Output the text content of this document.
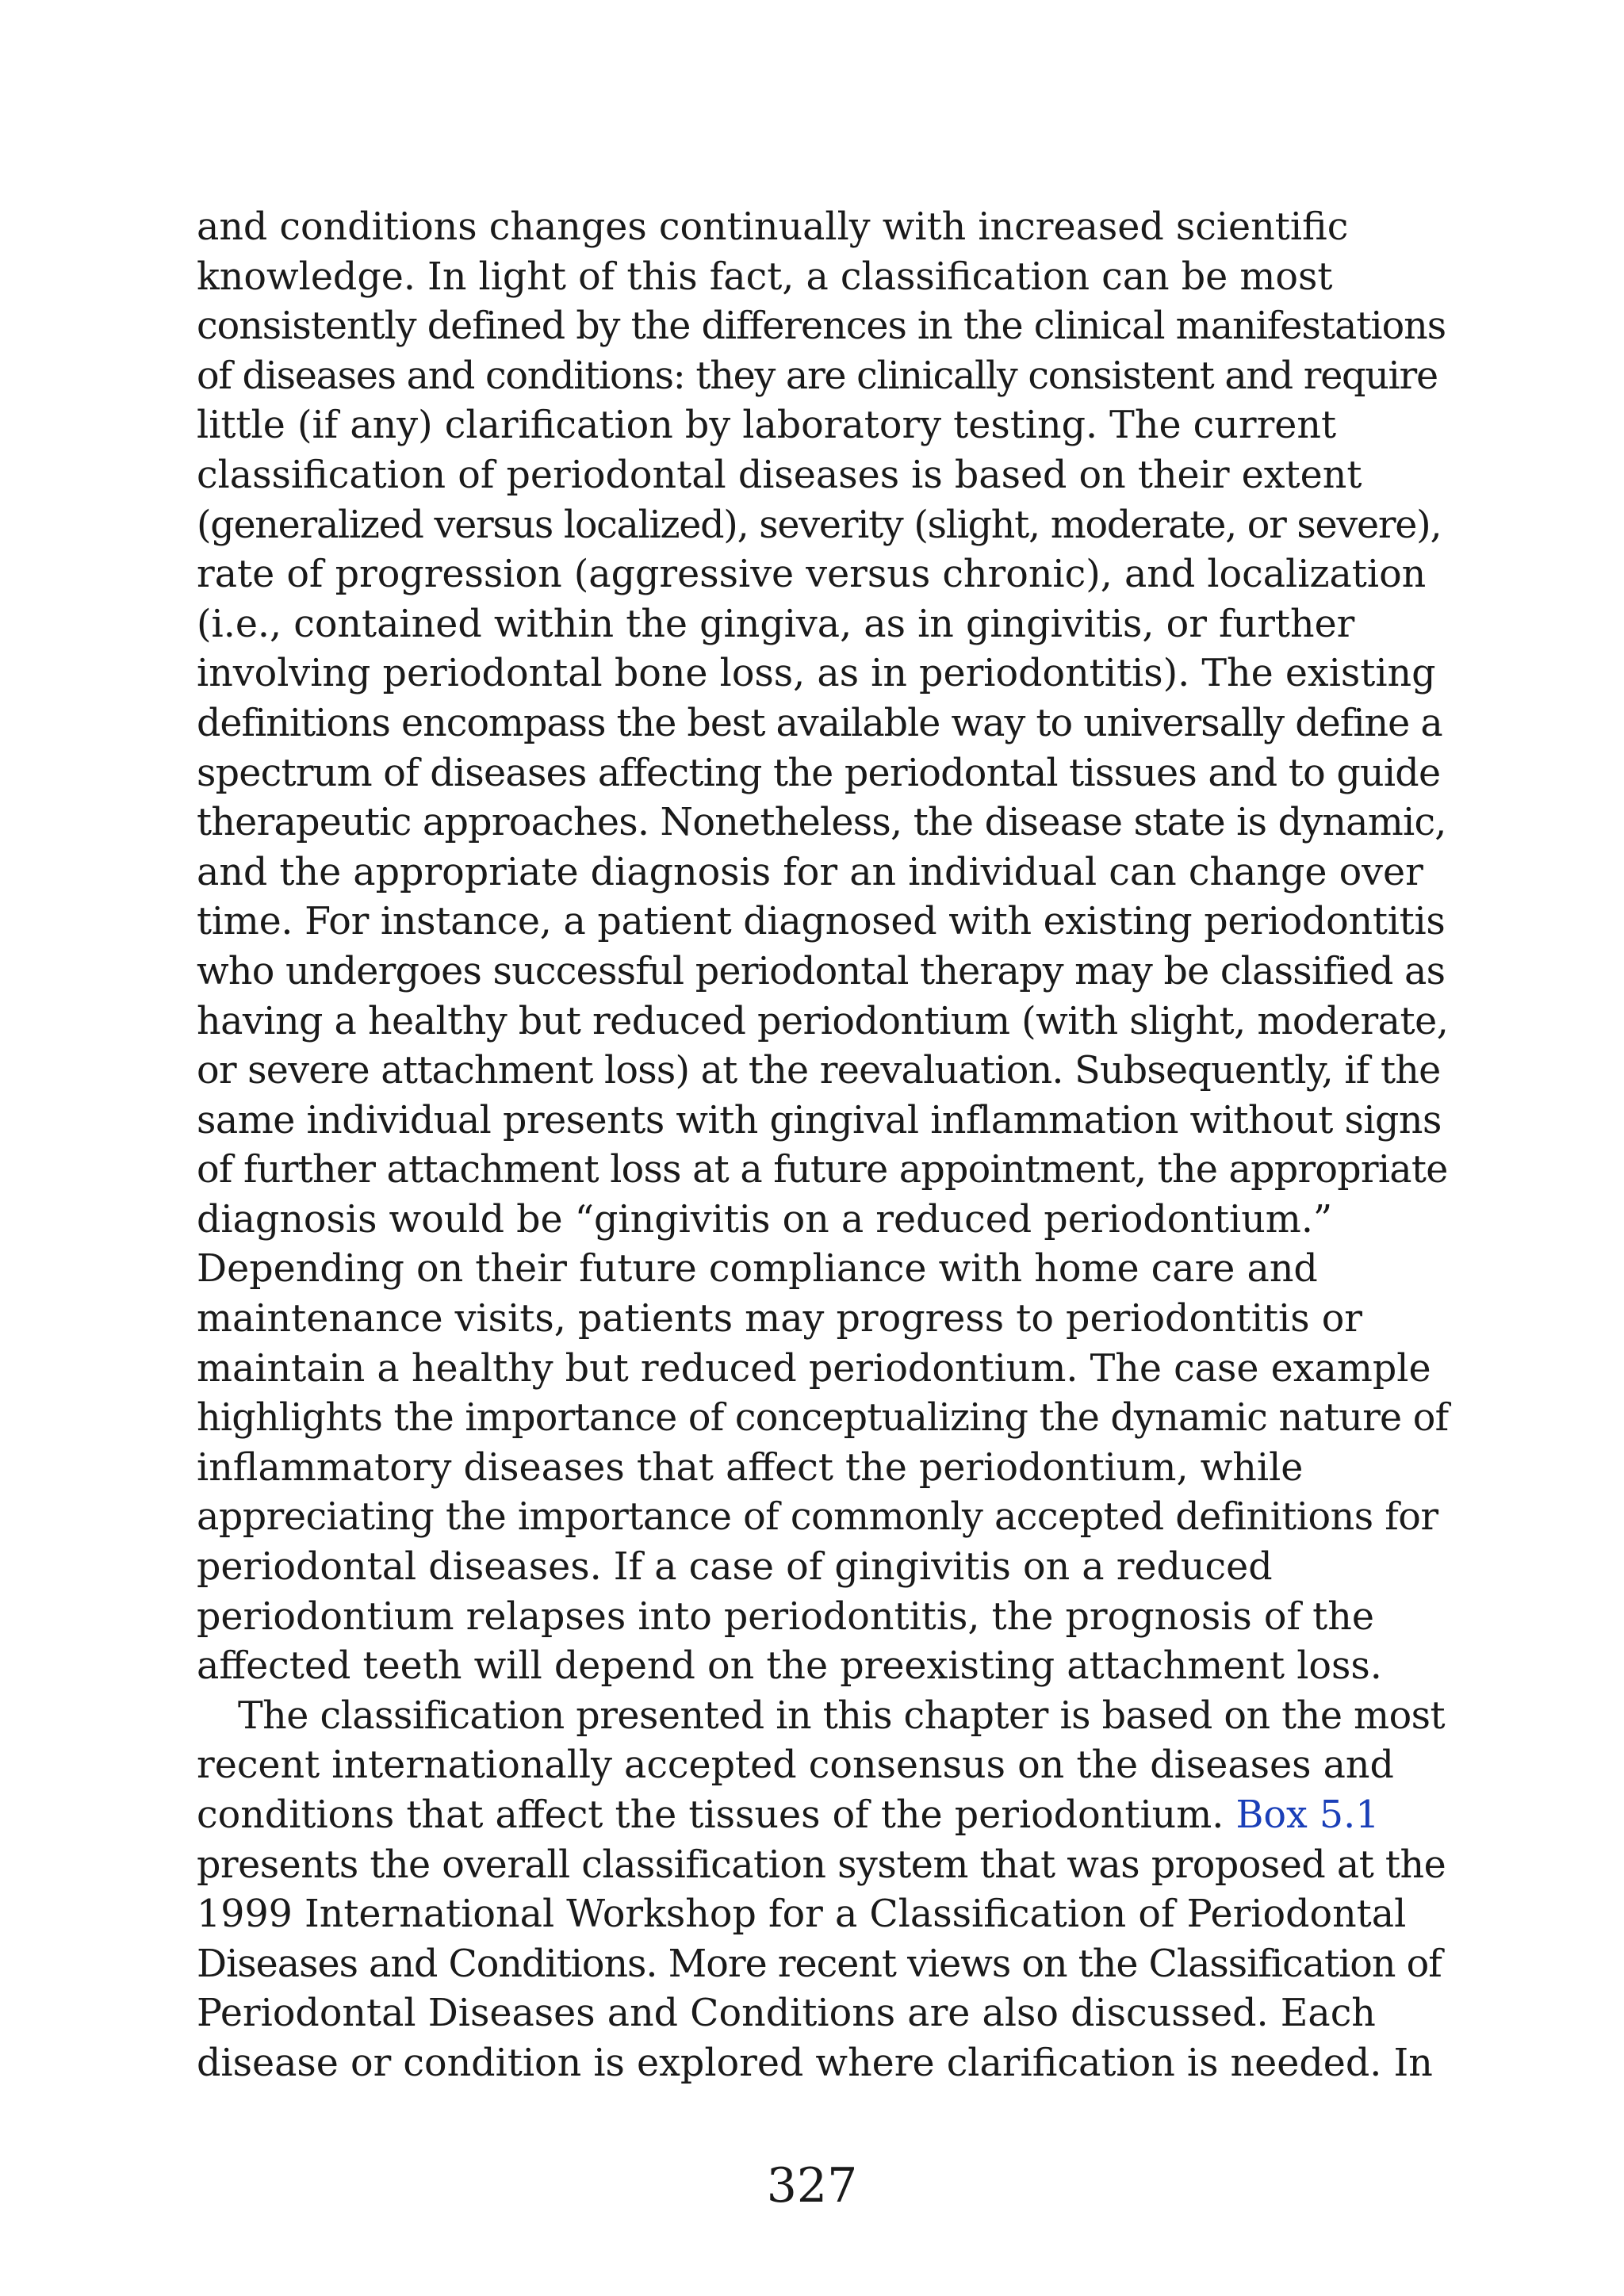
and conditions changes continually with increased scientific
knowledge. In light of this fact, a classification can be most
consistently defined by the differences in the clinical manifestations
of diseases and conditions: they are clinically consistent and require
little (if any) clarification by laboratory testing. The current
classification of periodontal diseases is based on their extent
(generalized versus localized), severity (slight, moderate, or severe),
rate of progression (aggressive versus chronic), and localization
(i.e., contained within the gingiva, as in gingivitis, or further
involving periodontal bone loss, as in periodontitis). The existing
definitions encompass the best available way to universally define a
spectrum of diseases affecting the periodontal tissues and to guide
therapeutic approaches. Nonetheless, the disease state is dynamic,
and the appropriate diagnosis for an individual can change over
time. For instance, a patient diagnosed with existing periodontitis
who undergoes successful periodontal therapy may be classified as
having a healthy but reduced periodontium (with slight, moderate,
or severe attachment loss) at the reevaluation. Subsequently, if the
same individual presents with gingival inflammation without signs
of further attachment loss at a future appointment, the appropriate
diagnosis would be “gingivitis on a reduced periodontium.”
Depending on their future compliance with home care and
maintenance visits, patients may progress to periodontitis or
maintain a healthy but reduced periodontium. The case example
highlights the importance of conceptualizing the dynamic nature of
inflammatory diseases that affect the periodontium, while
appreciating the importance of commonly accepted definitions for
periodontal diseases. If a case of gingivitis on a reduced
periodontium relapses into periodontitis, the prognosis of the
affected teeth will depend on the preexisting attachment loss.
The classification presented in this chapter is based on the most
recent internationally accepted consensus on the diseases and
conditions that affect the tissues of the periodontium. Box 5.1
presents the overall classification system that was proposed at the
1999 International Workshop for a Classification of Periodontal
Diseases and Conditions. More recent views on the Classification of
Periodontal Diseases and Conditions are also discussed. Each
disease or condition is explored where clarification is needed. In
327
